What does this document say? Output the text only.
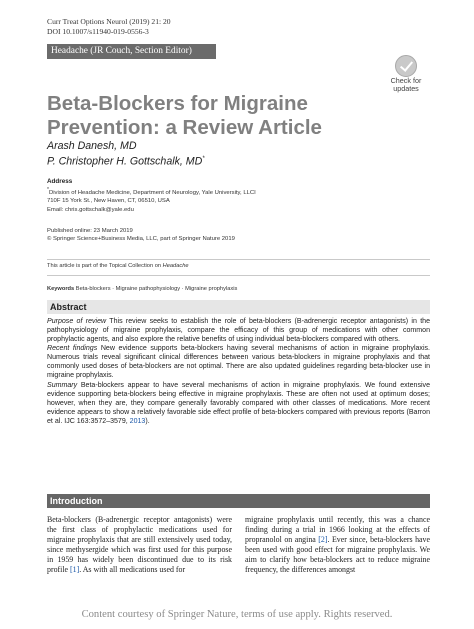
Curr Treat Options Neurol (2019) 21: 20
DOI 10.1007/s11940-019-0556-3
Headache (JR Couch, Section Editor)
Check for
updates
Beta-Blockers for Migraine
Prevention: a Review Article
Arash Danesh, MD
P. Christopher H. Gottschalk, MD*
Address
*Division of Headache Medicine, Department of Neurology, Yale University, LLCI
710F 15 York St., New Haven, CT, 06510, USA
Email: chris.gottschalk@yale.edu
Published online: 23 March 2019
© Springer Science+Business Media, LLC, part of Springer Nature 2019
This article is part of the Topical Collection on Headache
Keywords Beta-blockers · Migraine pathophysiology · Migraine prophylaxis
Abstract

Purpose of review This review seeks to establish the role of beta-blockers (B-adrenergic receptor antagonists) in the pathophysiology of migraine prophylaxis, compare the efficacy of this group of medications with other common prophylactic agents, and also explore the relative benefits of using individual beta-blockers compared with others.

Recent findings New evidence supports beta-blockers having several mechanisms of action in migraine prophylaxis. Numerous trials reveal significant clinical differences between various beta-blockers in migraine prophylaxis and that commonly used doses of beta-blockers are not optimal. There are also updated guidelines regarding beta-blocker use in migraine prophylaxis.

Summary Beta-blockers appear to have several mechanisms of action in migraine prophylaxis. We found extensive evidence supporting beta-blockers being effective in migraine prophylaxis. These are often not used at optimum doses; however, when they are, they compare generally favorably compared with other classes of medications. More recent evidence appears to show a relatively favorable side effect profile of beta-blockers compared with previous reports (Barron et al. IJC 163:3572–3579, 2013).

Introduction

Beta-blockers (B-adrenergic receptor antagonists) were the first class of prophylactic medications used for migraine prophylaxis that are still extensively used today, since methysergide which was first used for this purpose in 1959 has widely been discontinued due to its risk profile [1]. As with all medications used for

migraine prophylaxis until recently, this was a chance finding during a trial in 1966 looking at the effects of propranolol on angina [2]. Ever since, beta-blockers have been used with good effect for migraine prophylaxis. We aim to clarify how beta-blockers act to reduce migraine frequency, the differences amongst

Content courtesy of Springer Nature, terms of use apply. Rights reserved.
